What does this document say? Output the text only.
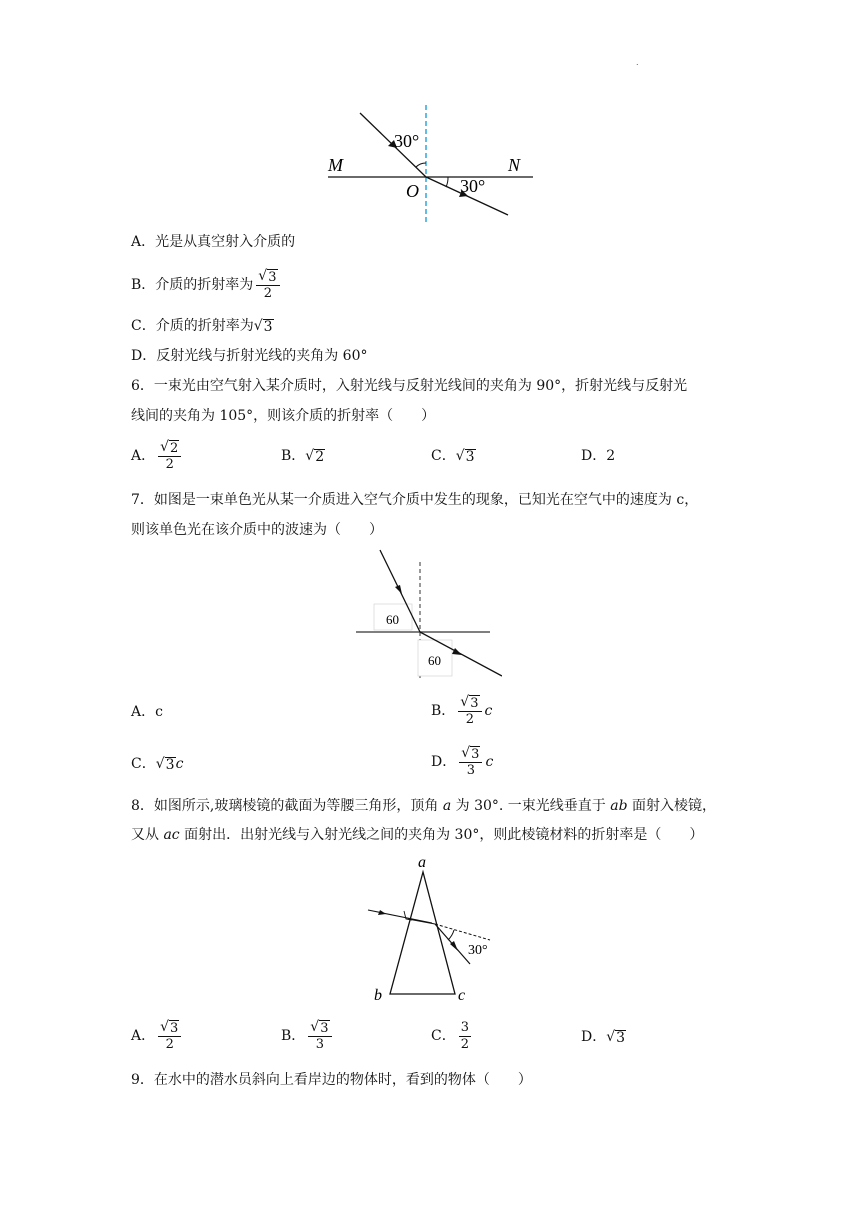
.
30°
30°
M	N
O
A．光是从真空射入介质的
B．介质的折射率为 $\frac{√ 3}{2}$
C．介质的折射率为 √ 3
D．反射光线与折射光线的夹角为 60°
6．一束光由空气射入某介质时，入射光线与反射光线间的夹角为 90°，折射光线与反射光
线间的夹角为 105°，则该介质的折射率（　　）
A． $\frac{√ 2}{2}$	B． √ 2	C． √ 3	D．2
7．如图是一束单色光从某一介质进入空气介质中发生的现象，已知光在空气中的速度为 c，
则该单色光在该介质中的波速为（　　）
60
60
A．c	B． $\frac{√ 3}{2}$ c
C． √ 3 c	D． $\frac{√ 3}{3}$ c
8．如图所示,玻璃棱镜的截面为等腰三角形，顶角 a 为 30°. 一束光线垂直于 ab 面射入棱镜，
又从 ac 面射出．出射光线与入射光线之间的夹角为 30°，则此棱镜材料的折射率是（　　）
a
b	c
30°
A． $\frac{√ 3}{2}$	B． $\frac{√ 3}{3}$	C． $\frac{3}{2}$	D． √ 3
9．在水中的潜水员斜向上看岸边的物体时，看到的物体（　　）
